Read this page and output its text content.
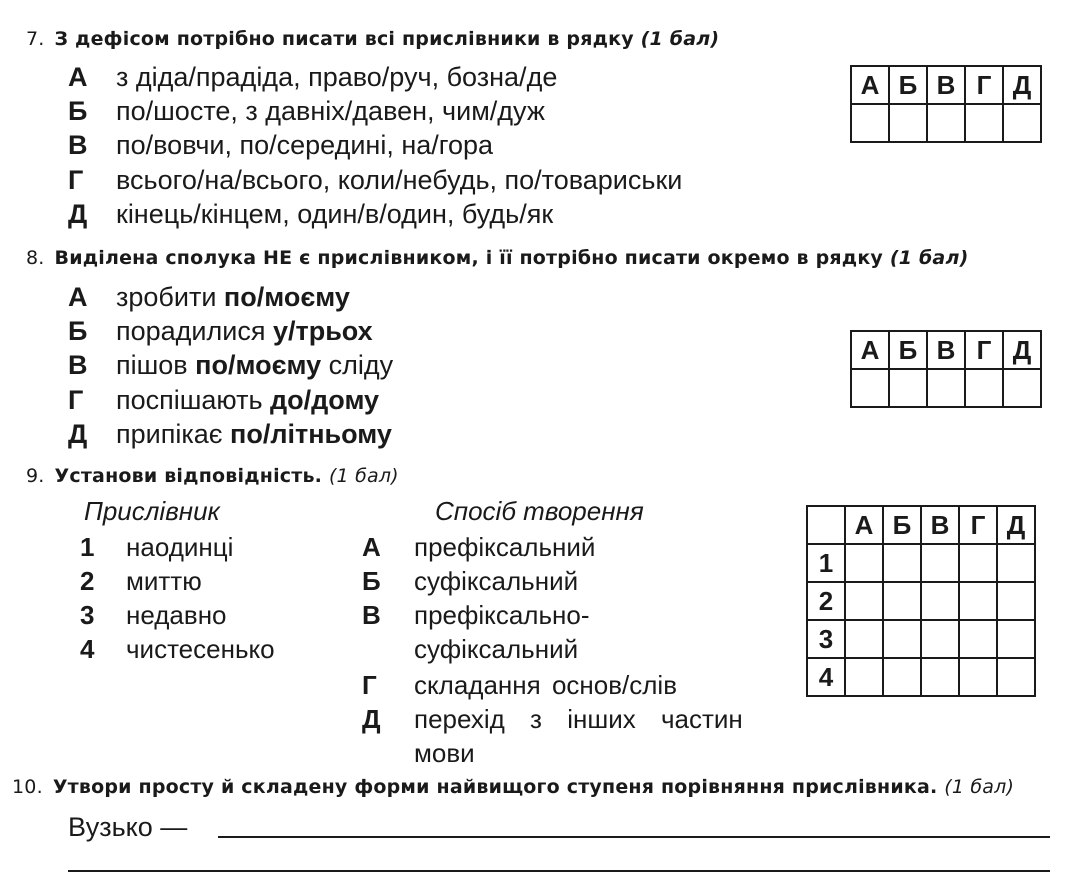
7. З дефісом потрібно писати всі прислівники в рядку (1 бал)
А з діда/прадіда, право/руч, бозна/де
Б по/шосте, з давніх/давен, чим/дуж
В по/вовчи, по/середині, на/гора
Г всього/на/всього, коли/небудь, по/товариськи
Д кінець/кінцем, один/в/один, будь/як
А	Б	В	Г	Д

8. Виділена сполука НЕ є прислівником, і її потрібно писати окремо в рядку (1 бал)
А зробити по/моєму
Б порадилися у/трьох
В пішов по/моєму сліду
Г поспішають до/дому
Д припікає по/літньому
А	Б	В	Г	Д

9. Установи відповідність. (1 бал)
Прислівник	Спосіб творення
1 наодинці
2 миттю
3 недавно
4 чистесенько
А префіксальний
Б суфіксальний
В префіксально-
суфіксальний
Г складання основ/слів
Д перехід з інших частин
мови
	А	Б	В	Г	Д
1					
2					
3					
4					
10. Утвори просту й складену форми найвищого ступеня порівняння прислівника. (1 бал)
Вузько —
